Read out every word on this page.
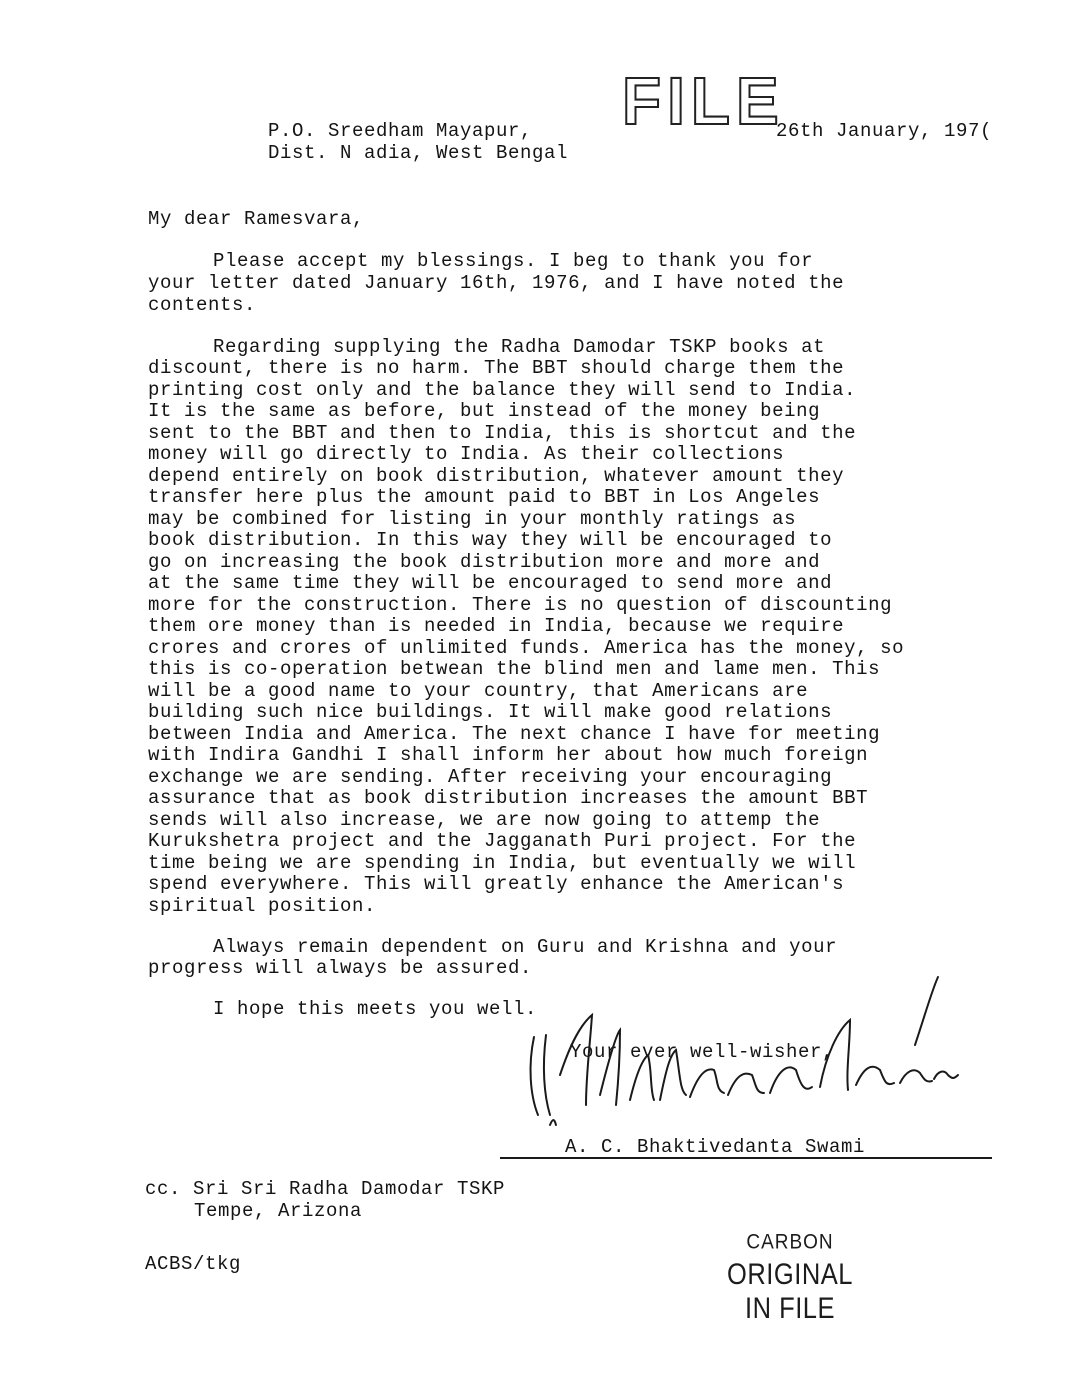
FILE
P.O. Sreedham Mayapur,
Dist. N adia, West Bengal
26th January, 197(
My dear Ramesvara,
Please accept my blessings. I beg to thank you for
your letter dated January 16th, 1976, and I have noted the
contents.
Regarding supplying the Radha Damodar TSKP books at
discount, there is no harm. The BBT should charge them the
printing cost only and the balance they will send to India.
It is the same as before, but instead of the money being
sent to the BBT and then to India, this is shortcut and the
money will go directly to India. As their collections
depend entirely on book distribution, whatever amount they
transfer here plus the amount paid to BBT in Los Angeles
may be combined for listing in your monthly ratings as
book distribution. In this way they will be encouraged to
go on increasing the book distribution more and more and
at the same time they will be encouraged to send more and
more for the construction. There is no question of discounting
them ore money than is needed in India, because we require
crores and crores of unlimited funds. America has the money, so
this is co-operation betwean the blind men and lame men. This
will be a good name to your country, that Americans are
building such nice buildings. It will make good relations
between India and America. The next chance I have for meeting
with Indira Gandhi I shall inform her about how much foreign
exchange we are sending. After receiving your encouraging
assurance that as book distribution increases the amount BBT
sends will also increase, we are now going to attemp the
Kurukshetra project and the Jagganath Puri project. For the
time being we are spending in India, but eventually we will
spend everywhere. This will greatly enhance the American's
spiritual position.
Always remain dependent on Guru and Krishna and your
progress will always be assured.
I hope this meets you well.
Your ever well-wisher,
A. C. Bhaktivedanta Swami
cc. Sri Sri Radha Damodar TSKP
Tempe, Arizona
ACBS/tkg
CARBON
ORIGINAL
IN FILE
